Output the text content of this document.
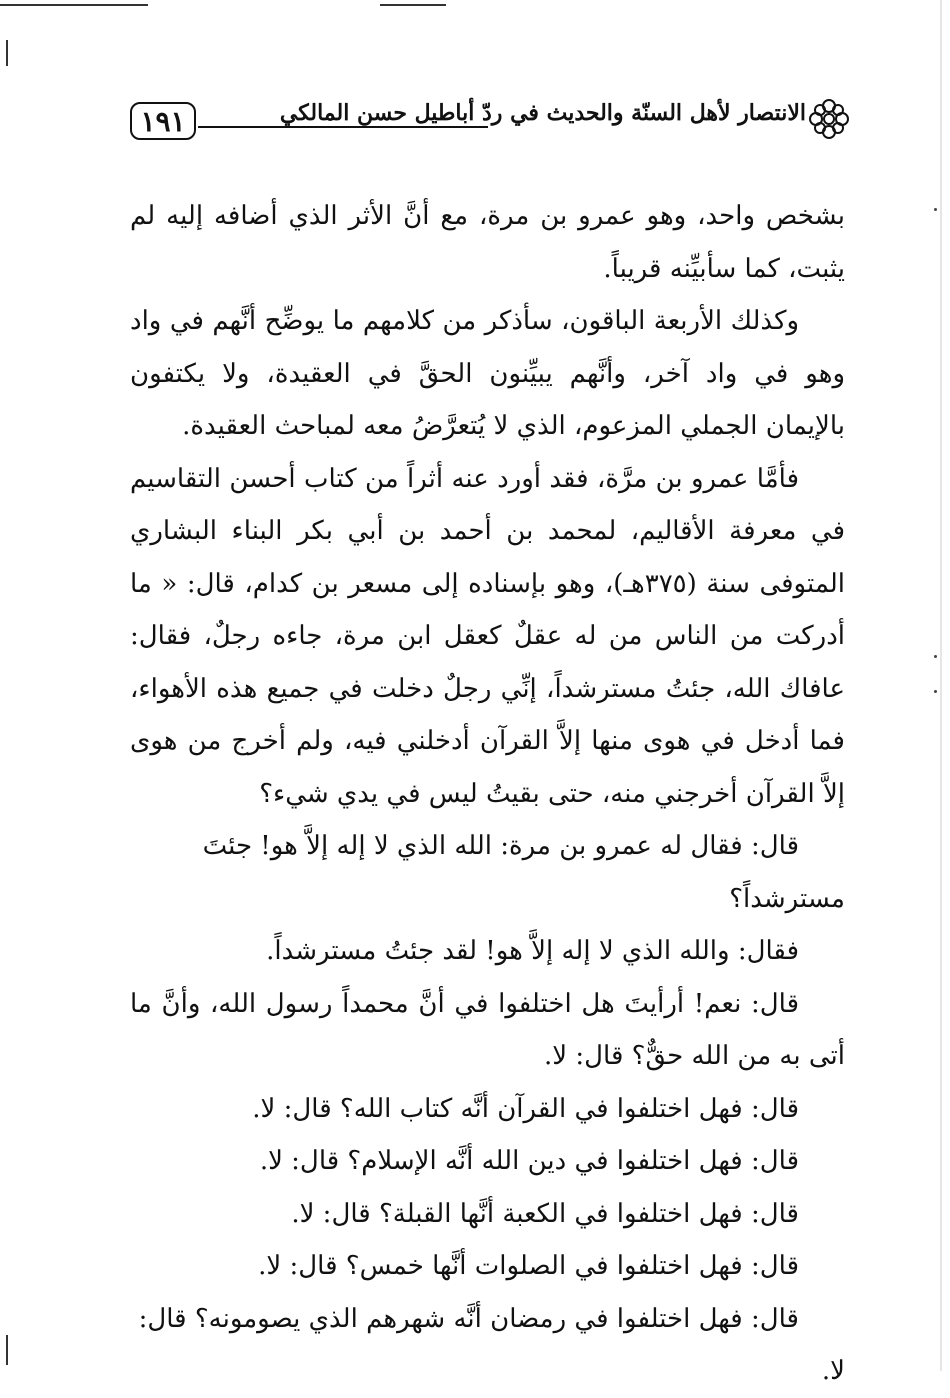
١٩١	الانتصار لأهل السنّة والحديث في ردّ أباطيل حسن المالكي

بشخص واحد، وهو عمرو بن مرة، مع أنَّ الأثر الذي أضافه إليه لم يثبت، كما سأبيِّنه قريباً.

وكذلك الأربعة الباقون، سأذكر من كلامهم ما يوضِّح أنَّهم في واد وهو في واد آخر، وأنَّهم يبيِّنون الحقَّ في العقيدة، ولا يكتفون بالإيمان الجملي المزعوم، الذي لا يُتعرَّضُ معه لمباحث العقيدة.

فأمَّا عمرو بن مرَّة، فقد أورد عنه أثراً من كتاب أحسن التقاسيم في معرفة الأقاليم، لمحمد بن أحمد بن أبي بكر البناء البشاري المتوفى سنة (٣٧٥هـ)، وهو بإسناده إلى مسعر بن كدام، قال: « ما أدركت من الناس من له عقلٌ كعقل ابن مرة، جاءه رجلٌ، فقال: عافاك الله، جئتُ مسترشداً، إنِّي رجلٌ دخلت في جميع هذه الأهواء، فما أدخل في هوى منها إلاَّ القرآن أدخلني فيه، ولم أخرج من هوى إلاَّ القرآن أخرجني منه، حتى بقيتُ ليس في يدي شيء؟

قال: فقال له عمرو بن مرة: الله الذي لا إله إلاَّ هو! جئتَ مسترشداً؟

فقال: والله الذي لا إله إلاَّ هو! لقد جئتُ مسترشداً.

قال: نعم! أرأيتَ هل اختلفوا في أنَّ محمداً رسول الله، وأنَّ ما أتى به من الله حقٌّ؟ قال: لا.

قال: فهل اختلفوا في القرآن أنَّه كتاب الله؟ قال: لا.

قال: فهل اختلفوا في دين الله أنَّه الإسلام؟ قال: لا.

قال: فهل اختلفوا في الكعبة أنَّها القبلة؟ قال: لا.

قال: فهل اختلفوا في الصلوات أنَّها خمس؟ قال: لا.

قال: فهل اختلفوا في رمضان أنَّه شهرهم الذي يصومونه؟ قال: لا.
